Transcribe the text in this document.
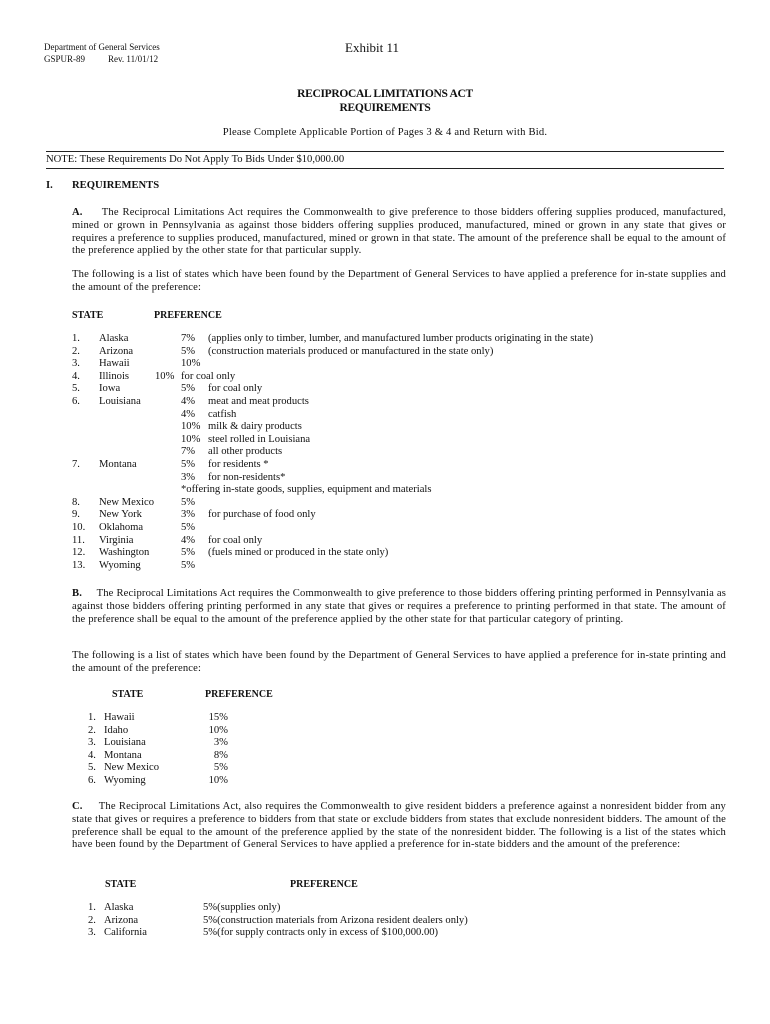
Department of General Services
GSPUR-89	Rev. 11/01/12
Exhibit 11
RECIPROCAL LIMITATIONS ACT
REQUIREMENTS
Please Complete Applicable Portion of Pages 3 & 4 and Return with Bid.
NOTE: These Requirements Do Not Apply To Bids Under $10,000.00
I. REQUIREMENTS
A. The Reciprocal Limitations Act requires the Commonwealth to give preference to those bidders offering supplies produced, manufactured, mined or grown in Pennsylvania as against those bidders offering supplies produced, manufactured, mined or grown in any state that gives or requires a preference to supplies produced, manufactured, mined or grown in that state. The amount of the preference shall be equal to the amount of the preference applied by the other state for that particular supply.
The following is a list of states which have been found by the Department of General Services to have applied a preference for in-state supplies and the amount of the preference:
STATE	PREFERENCE
1. Alaska	7% (applies only to timber, lumber, and manufactured lumber products originating in the state)
2. Arizona	5% (construction materials produced or manufactured in the state only)
3. Hawaii	10%
4. Illinois 10% for coal only
5. Iowa	5% for coal only
6. Louisiana	4% meat and meat products
4% catfish
10% milk & dairy products
10% steel rolled in Louisiana
7% all other products
7. Montana	5% for residents *
3% for non-residents*
*offering in-state goods, supplies, equipment and materials
8. New Mexico	5%
9. New York	3% for purchase of food only
10. Oklahoma	5%
11. Virginia	4% for coal only
12. Washington	5% (fuels mined or produced in the state only)
13. Wyoming	5%
B. The Reciprocal Limitations Act requires the Commonwealth to give preference to those bidders offering printing performed in Pennsylvania as against those bidders offering printing performed in any state that gives or requires a preference to printing performed in that state. The amount of the preference shall be equal to the amount of the preference applied by the other state for that particular category of printing.
The following is a list of states which have been found by the Department of General Services to have applied a preference for in-state printing and the amount of the preference:
STATE	PREFERENCE
1. Hawaii	15%
2. Idaho	10%
3. Louisiana	3%
4. Montana	8%
5. New Mexico	5%
6. Wyoming	10%
C. The Reciprocal Limitations Act, also requires the Commonwealth to give resident bidders a preference against a nonresident bidder from any state that gives or requires a preference to bidders from that state or exclude bidders from states that exclude nonresident bidders. The amount of the preference shall be equal to the amount of the preference applied by the state of the nonresident bidder. The following is a list of the states which have been found by the Department of General Services to have applied a preference for in-state bidders and the amount of the preference:
STATE	PREFERENCE
1. Alaska	5%(supplies only)
2. Arizona	5%(construction materials from Arizona resident dealers only)
3. California	5%(for supply contracts only in excess of $100,000.00)
